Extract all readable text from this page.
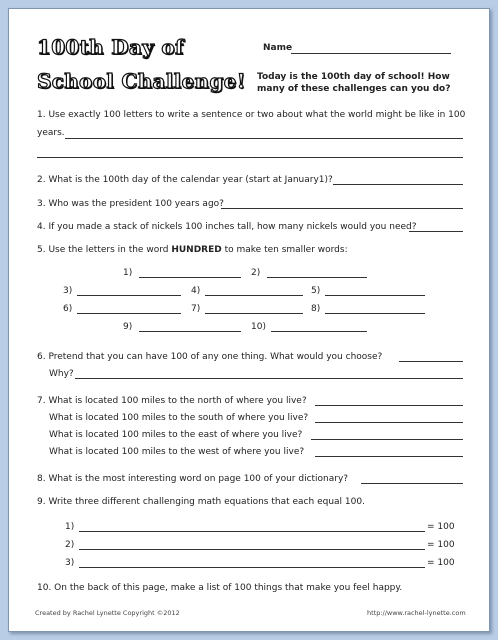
100th Day of
School Challenge!
Name
Today is the 100th day of school! How
many of these challenges can you do?
1. Use exactly 100 letters to write a sentence or two about what the world might be like in 100
years.
2. What is the 100th day of the calendar year (start at January1)?
3. Who was the president 100 years ago?
4. If you made a stack of nickels 100 inches tall, how many nickels would you need?
5. Use the letters in the word HUNDRED to make ten smaller words:
1)	2)
3)	4)	5)
6)	7)	8)
9)	10)
6. Pretend that you can have 100 of any one thing. What would you choose?
Why?
7. What is located 100 miles to the north of where you live?
What is located 100 miles to the south of where you live?
What is located 100 miles to the east of where you live?
What is located 100 miles to the west of where you live?
8. What is the most interesting word on page 100 of your dictionary?
9. Write three different challenging math equations that each equal 100.
1)	= 100
2)	= 100
3)	= 100
10. On the back of this page, make a list of 100 things that make you feel happy.
Created by Rachel Lynette Copyright ©2012	http://www.rachel-lynette.com
